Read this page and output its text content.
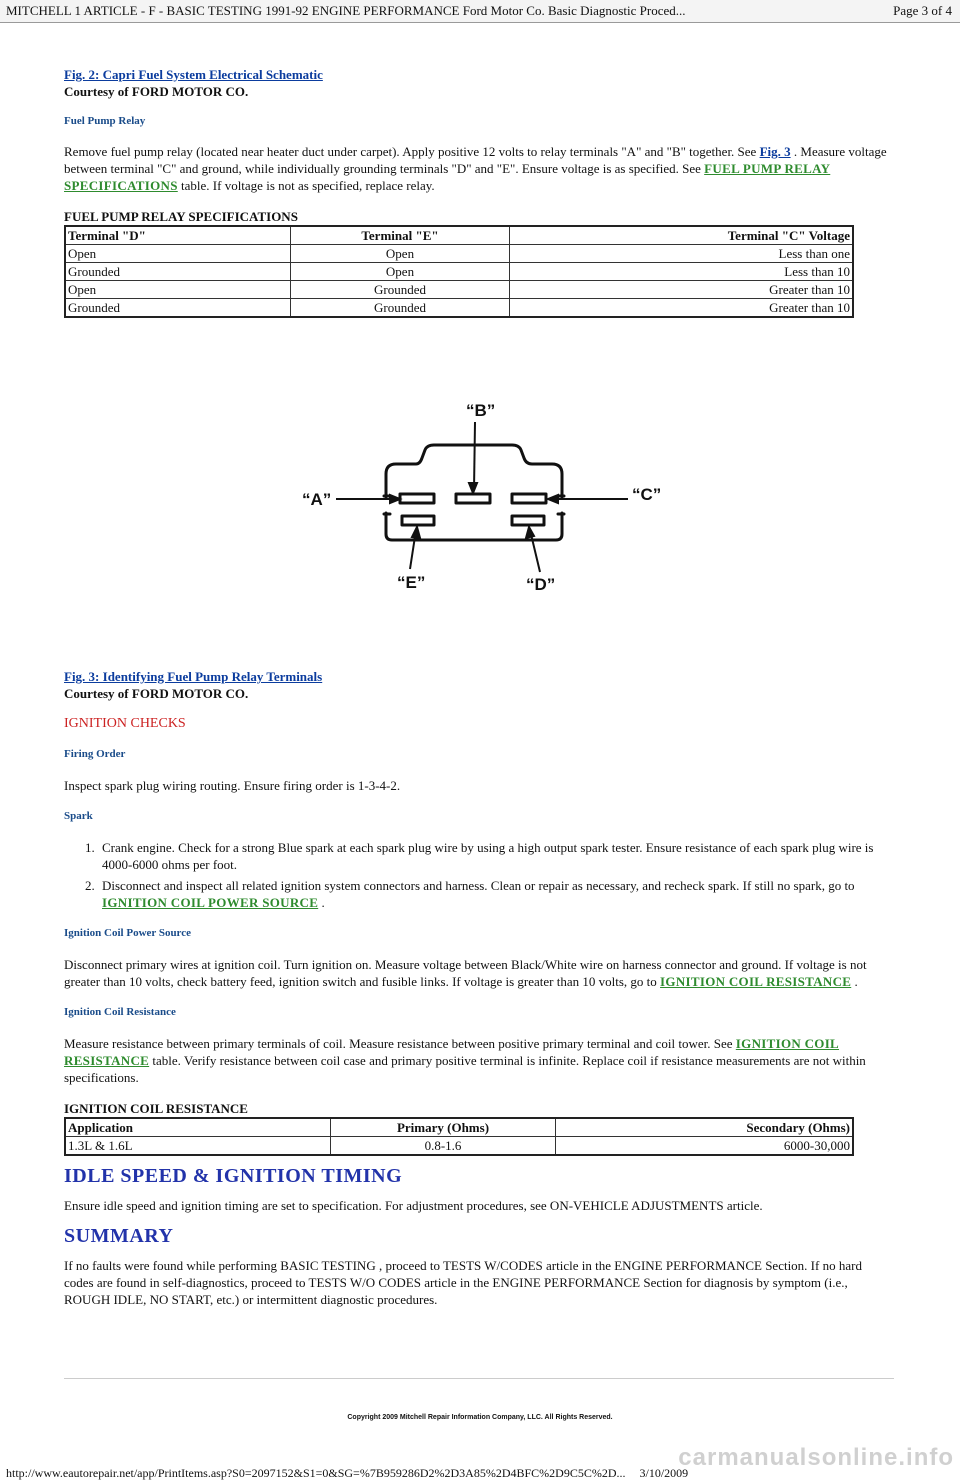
MITCHELL 1 ARTICLE - F - BASIC TESTING 1991-92 ENGINE PERFORMANCE Ford Motor Co. Basic Diagnostic Proced...	Page 3 of 4
Fig. 2: Capri Fuel System Electrical Schematic
Courtesy of FORD MOTOR CO.
Fuel Pump Relay

Remove fuel pump relay (located near heater duct under carpet). Apply positive 12 volts to relay terminals "A" and "B" together. See Fig. 3 . Measure voltage between terminal "C" and ground, while individually grounding terminals "D" and "E". Ensure voltage is as specified. See FUEL PUMP RELAY SPECIFICATIONS table. If voltage is not as specified, replace relay.

FUEL PUMP RELAY SPECIFICATIONS
Terminal "D"	Terminal "E"	Terminal "C" Voltage
Open	Open	Less than one
Grounded	Open	Less than 10
Open	Grounded	Greater than 10
Grounded	Grounded	Greater than 10
“A”
“B”
“C”
“D”
“E”
Fig. 3: Identifying Fuel Pump Relay Terminals
Courtesy of FORD MOTOR CO.
IGNITION CHECKS
Firing Order

Inspect spark plug wiring routing. Ensure firing order is 1-3-4-2.

Spark
1. Crank engine. Check for a strong Blue spark at each spark plug wire by using a high output spark tester. Ensure resistance of each spark plug wire is 4000-6000 ohms per foot.
2. Disconnect and inspect all related ignition system connectors and harness. Clean or repair as necessary, and recheck spark. If still no spark, go to IGNITION COIL POWER SOURCE .
Ignition Coil Power Source

Disconnect primary wires at ignition coil. Turn ignition on. Measure voltage between Black/White wire on harness connector and ground. If voltage is not greater than 10 volts, check battery feed, ignition switch and fusible links. If voltage is greater than 10 volts, go to IGNITION COIL RESISTANCE .

Ignition Coil Resistance

Measure resistance between primary terminals of coil. Measure resistance between positive primary terminal and coil tower. See IGNITION COIL RESISTANCE table. Verify resistance between coil case and primary positive terminal is infinite. Replace coil if resistance measurements are not within specifications.

IGNITION COIL RESISTANCE
Application	Primary (Ohms)	Secondary (Ohms)
1.3L & 1.6L	0.8-1.6	6000-30,000
IDLE SPEED & IGNITION TIMING

Ensure idle speed and ignition timing are set to specification. For adjustment procedures, see ON-VEHICLE ADJUSTMENTS article.

SUMMARY

If no faults were found while performing BASIC TESTING , proceed to TESTS W/CODES article in the ENGINE PERFORMANCE Section. If no hard codes are found in self-diagnostics, proceed to TESTS W/O CODES article in the ENGINE PERFORMANCE Section for diagnosis by symptom (i.e., ROUGH IDLE, NO START, etc.) or intermittent diagnostic procedures.

Copyright 2009 Mitchell Repair Information Company, LLC. All Rights Reserved.
carmanualsonline.info
http://www.eautorepair.net/app/PrintItems.asp?S0=2097152&S1=0&SG=%7B959286D2%2D3A85%2D4BFC%2D9C5C%2D... 3/10/2009
